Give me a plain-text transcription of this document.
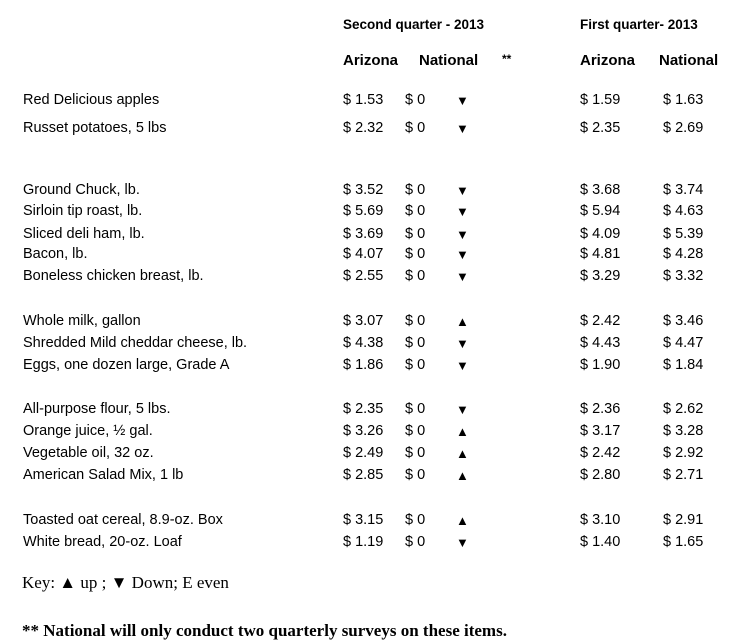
Second quarter - 2013	First quarter- 2013
Arizona National **	Arizona National
Red Delicious apples	$ 1.53 $ 0 ▼	$ 1.59	$ 1.63
Russet potatoes, 5 lbs	$ 2.32 $ 0 ▼	$ 2.35	$ 2.69
Ground Chuck, lb.	$ 3.52 $ 0 ▼	$ 3.68	$ 3.74
Sirloin tip roast, lb.	$ 5.69 $ 0 ▼	$ 5.94	$ 4.63
Sliced deli ham, lb.	$ 3.69 $ 0 ▼	$ 4.09	$ 5.39
Bacon, lb.	$ 4.07 $ 0 ▼	$ 4.81	$ 4.28
Boneless chicken breast, lb.	$ 2.55 $ 0 ▼	$ 3.29	$ 3.32
Whole milk, gallon	$ 3.07 $ 0 ▲	$ 2.42	$ 3.46
Shredded Mild cheddar cheese, lb.	$ 4.38 $ 0 ▼	$ 4.43	$ 4.47
Eggs, one dozen large, Grade A	$ 1.86 $ 0 ▼	$ 1.90	$ 1.84
All-purpose flour, 5 lbs.	$ 2.35 $ 0 ▼	$ 2.36	$ 2.62
Orange juice, ½ gal.	$ 3.26 $ 0 ▲	$ 3.17	$ 3.28
Vegetable oil, 32 oz.	$ 2.49 $ 0 ▲	$ 2.42	$ 2.92
American Salad Mix, 1 lb	$ 2.85 $ 0 ▲	$ 2.80	$ 2.71
Toasted oat cereal, 8.9-oz. Box	$ 3.15 $ 0 ▲	$ 3.10	$ 2.91
White bread, 20-oz. Loaf	$ 1.19 $ 0 ▼	$ 1.40	$ 1.65
Key: ▲ up ; ▼ Down; E even
** National will only conduct two quarterly surveys on these items.
